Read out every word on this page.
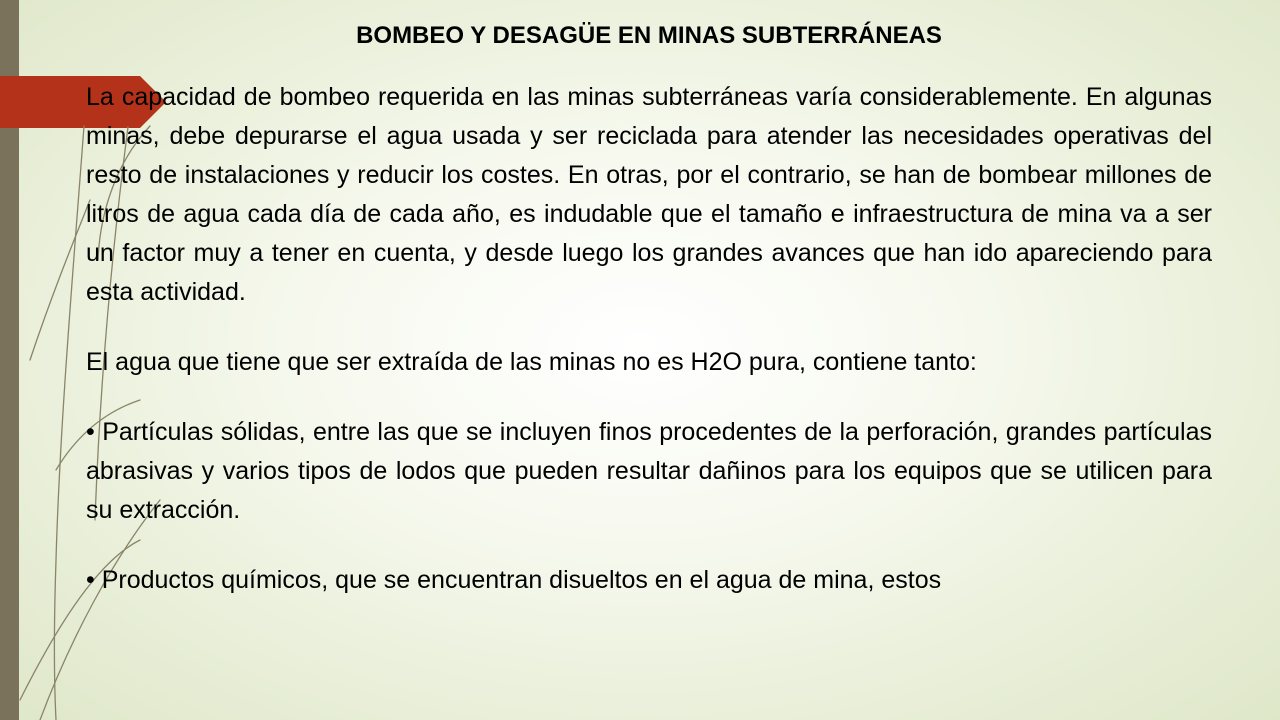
BOMBEO Y DESAGÜE EN MINAS SUBTERRÁNEAS

La capacidad de bombeo requerida en las minas subterráneas varía considerablemente. En algunas minas, debe depurarse el agua usada y ser reciclada para atender las necesidades operativas del resto de instalaciones y reducir los costes. En otras, por el contrario, se han de bombear millones de litros de agua cada día de cada año, es indudable que el tamaño e infraestructura de mina va a ser un factor muy a tener en cuenta, y desde luego los grandes avances que han ido apareciendo para esta actividad.

El agua que tiene que ser extraída de las minas no es H2O pura, contiene tanto:

• Partículas sólidas, entre las que se incluyen finos procedentes de la perforación, grandes partículas abrasivas y varios tipos de lodos que pueden resultar dañinos para los equipos que se utilicen para su extracción.

• Productos químicos, que se encuentran disueltos en el agua de mina, estos
